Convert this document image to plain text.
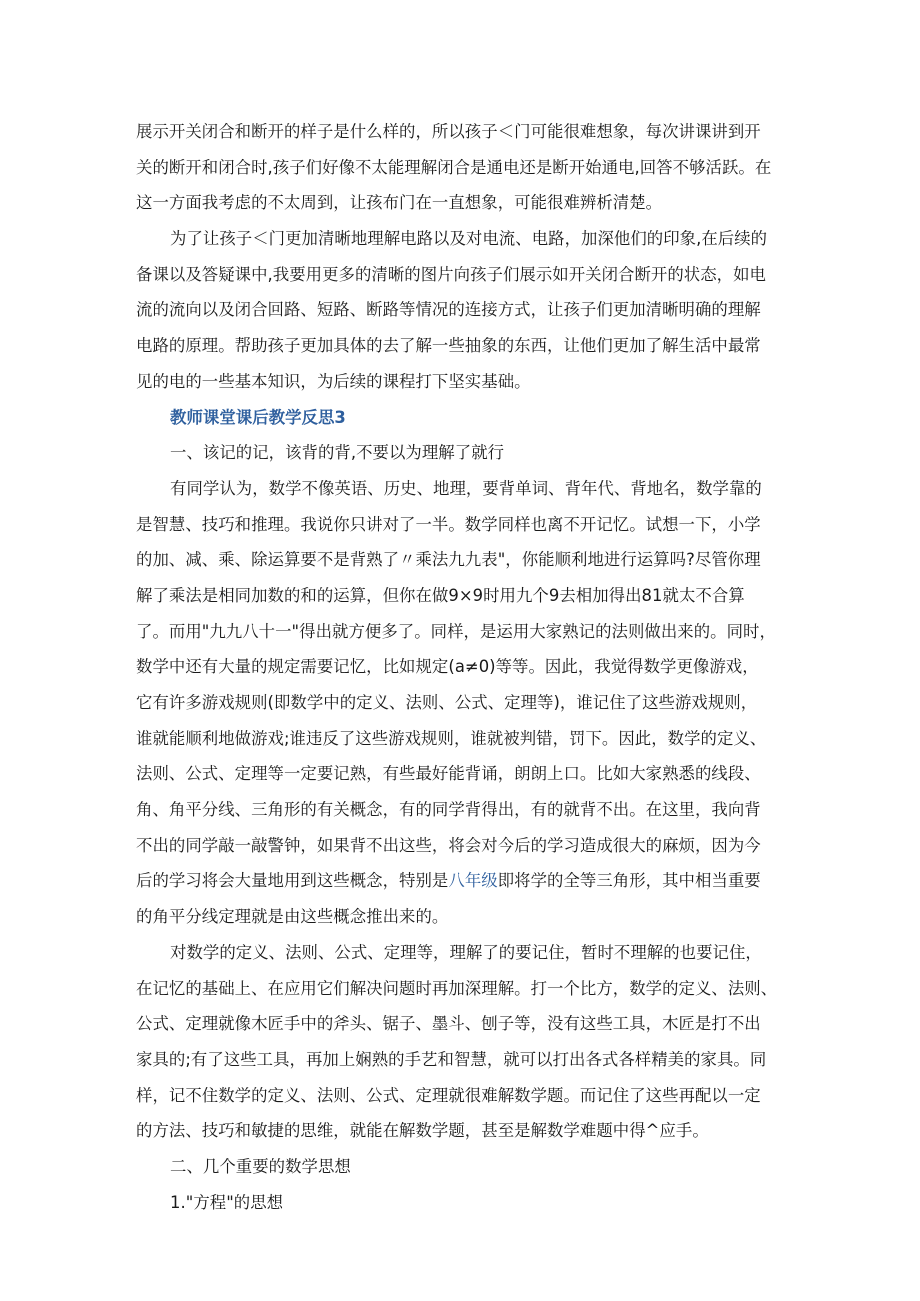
展示开关闭合和断开的样子是什么样的，所以孩子＜门可能很难想象，每次讲课讲到开
关的断开和闭合时,孩子们好像不太能理解闭合是通电还是断开始通电,回答不够活跃。在
这一方面我考虑的不太周到，让孩布门在一直想象，可能很难辨析清楚。
为了让孩子＜门更加清晰地理解电路以及对电流、电路，加深他们的印象,在后续的
备课以及答疑课中,我要用更多的清晰的图片向孩子们展示如开关闭合断开的状态，如电
流的流向以及闭合回路、短路、断路等情况的连接方式，让孩子们更加清晰明确的理解
电路的原理。帮助孩子更加具体的去了解一些抽象的东西，让他们更加了解生活中最常
见的电的一些基本知识，为后续的课程打下坚实基础。
教师课堂课后教学反思3
一、该记的记，该背的背,不要以为理解了就行
有同学认为，数学不像英语、历史、地理，要背单词、背年代、背地名，数学靠的
是智慧、技巧和推理。我说你只讲对了一半。数学同样也离不开记忆。试想一下，小学
的加、减、乘、除运算要不是背熟了〃乘法九九表"，你能顺利地进行运算吗?尽管你理
解了乘法是相同加数的和的运算，但你在做9×9时用九个9去相加得出81就太不合算
了。而用"九九八十一"得出就方便多了。同样，是运用大家熟记的法则做出来的。同时，
数学中还有大量的规定需要记忆，比如规定(a≠0)等等。因此，我觉得数学更像游戏，
它有许多游戏规则(即数学中的定义、法则、公式、定理等)，谁记住了这些游戏规则，
谁就能顺利地做游戏;谁违反了这些游戏规则，谁就被判错，罚下。因此，数学的定义、
法则、公式、定理等一定要记熟，有些最好能背诵，朗朗上口。比如大家熟悉的线段、
角、角平分线、三角形的有关概念，有的同学背得出，有的就背不出。在这里，我向背
不出的同学敲一敲警钟，如果背不出这些，将会对今后的学习造成很大的麻烦，因为今
后的学习将会大量地用到这些概念，特别是八年级即将学的全等三角形，其中相当重要
的角平分线定理就是由这些概念推出来的。
对数学的定义、法则、公式、定理等，理解了的要记住，暂时不理解的也要记住，
在记忆的基础上、在应用它们解决问题时再加深理解。打一个比方，数学的定义、法则、
公式、定理就像木匠手中的斧头、锯子、墨斗、刨子等，没有这些工具，木匠是打不出
家具的;有了这些工具，再加上娴熟的手艺和智慧，就可以打出各式各样精美的家具。同
样，记不住数学的定义、法则、公式、定理就很难解数学题。而记住了这些再配以一定
的方法、技巧和敏捷的思维，就能在解数学题，甚至是解数学难题中得^应手。
二、几个重要的数学思想
1."方程"的思想
